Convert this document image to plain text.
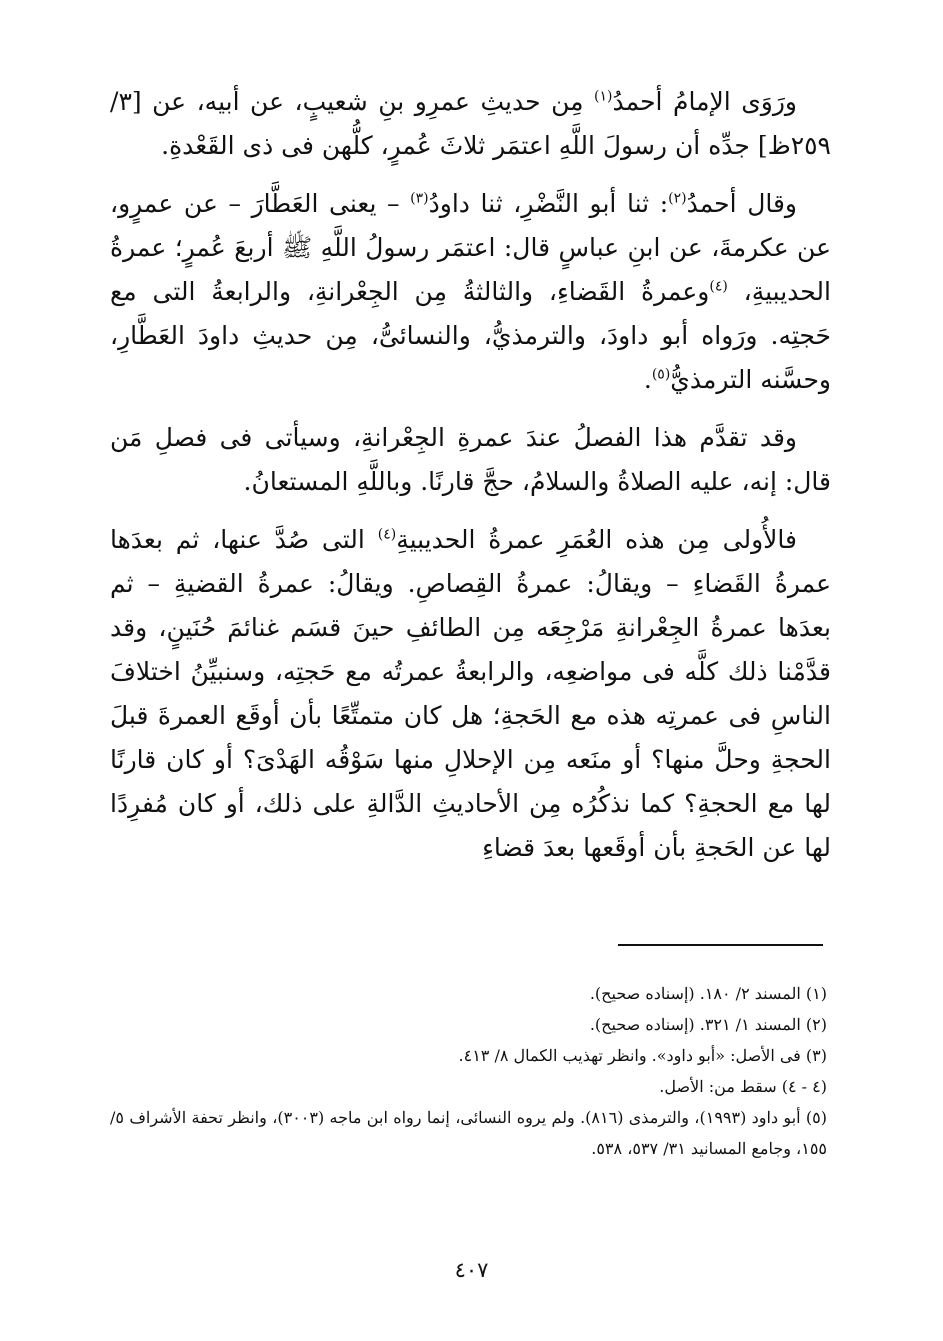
ورَوَى الإمامُ أحمدُ$^{(١)}$ مِن حديثِ عمرِو بنِ شعيبٍ، عن أبيه، عن [٣/ ٢٥٩ظ] جدِّه أن رسولَ اللَّهِ اعتمَر ثلاثَ عُمرٍ، كلُّهن فى ذى القَعْدةِ.

وقال أحمدُ$^{(٢)}$: ثنا أبو النَّضْرِ، ثنا داودُ$^{(٣)}$ – يعنى العَطَّارَ – عن عمرٍو، عن عكرمةَ، عن ابنِ عباسٍ قال: اعتمَر رسولُ اللَّهِ ﷺ أربعَ عُمرٍ؛ عمرةُ الحديبيةِ، $^{(٤)}$وعمرةُ القَضاءِ، والثالثةُ مِن الجِعْرانةِ، والرابعةُ التى مع حَجتِه. ورَواه أبو داودَ، والترمذيُّ، والنسائىُّ، مِن حديثِ داودَ العَطَّارِ، وحسَّنه الترمذيُّ$^{(٥)}$.

وقد تقدَّم هذا الفصلُ عندَ عمرةِ الجِعْرانةِ، وسيأتى فى فصلِ مَن قال: إنه، عليه الصلاةُ والسلامُ، حجَّ قارنًا. وباللَّهِ المستعانُ.

فالأُولى مِن هذه العُمَرِ عمرةُ الحديبيةِ$^{(٤)}$ التى صُدَّ عنها، ثم بعدَها عمرةُ القَضاءِ – ويقالُ: عمرةُ القِصاصِ. ويقالُ: عمرةُ القضيةِ – ثم بعدَها عمرةُ الجِعْرانةِ مَرْجِعَه مِن الطائفِ حينَ قسَم غنائمَ حُنَينٍ، وقد قدَّمْنا ذلك كلَّه فى مواضعِه، والرابعةُ عمرتُه مع حَجتِه، وسنبيِّنُ اختلافَ الناسِ فى عمرتِه هذه مع الحَجةِ؛ هل كان متمتِّعًا بأن أوقَع العمرةَ قبلَ الحجةِ وحلَّ منها؟ أو منَعه مِن الإحلالِ منها سَوْقُه الهَدْىَ؟ أو كان قارنًا لها مع الحجةِ؟ كما نذكُرُه مِن الأحاديثِ الدَّالةِ على ذلك، أو كان مُفرِدًا لها عن الحَجةِ بأن أوقَعها بعدَ قضاءِ

(١) المسند ٢/ ١٨٠. (إسناده صحيح).

(٢) المسند ١/ ٣٢١. (إسناده صحيح).

(٣) فى الأصل: «أبو داود». وانظر تهذيب الكمال ٨/ ٤١٣.

(٤ - ٤) سقط من: الأصل.

(٥) أبو داود (١٩٩٣)، والترمذى (٨١٦). ولم يروه النسائى، إنما رواه ابن ماجه (٣٠٠٣)، وانظر تحفة الأشراف ٥/ ١٥٥، وجامع المسانيد ٣١/ ٥٣٧، ٥٣٨.

٤٠٧
